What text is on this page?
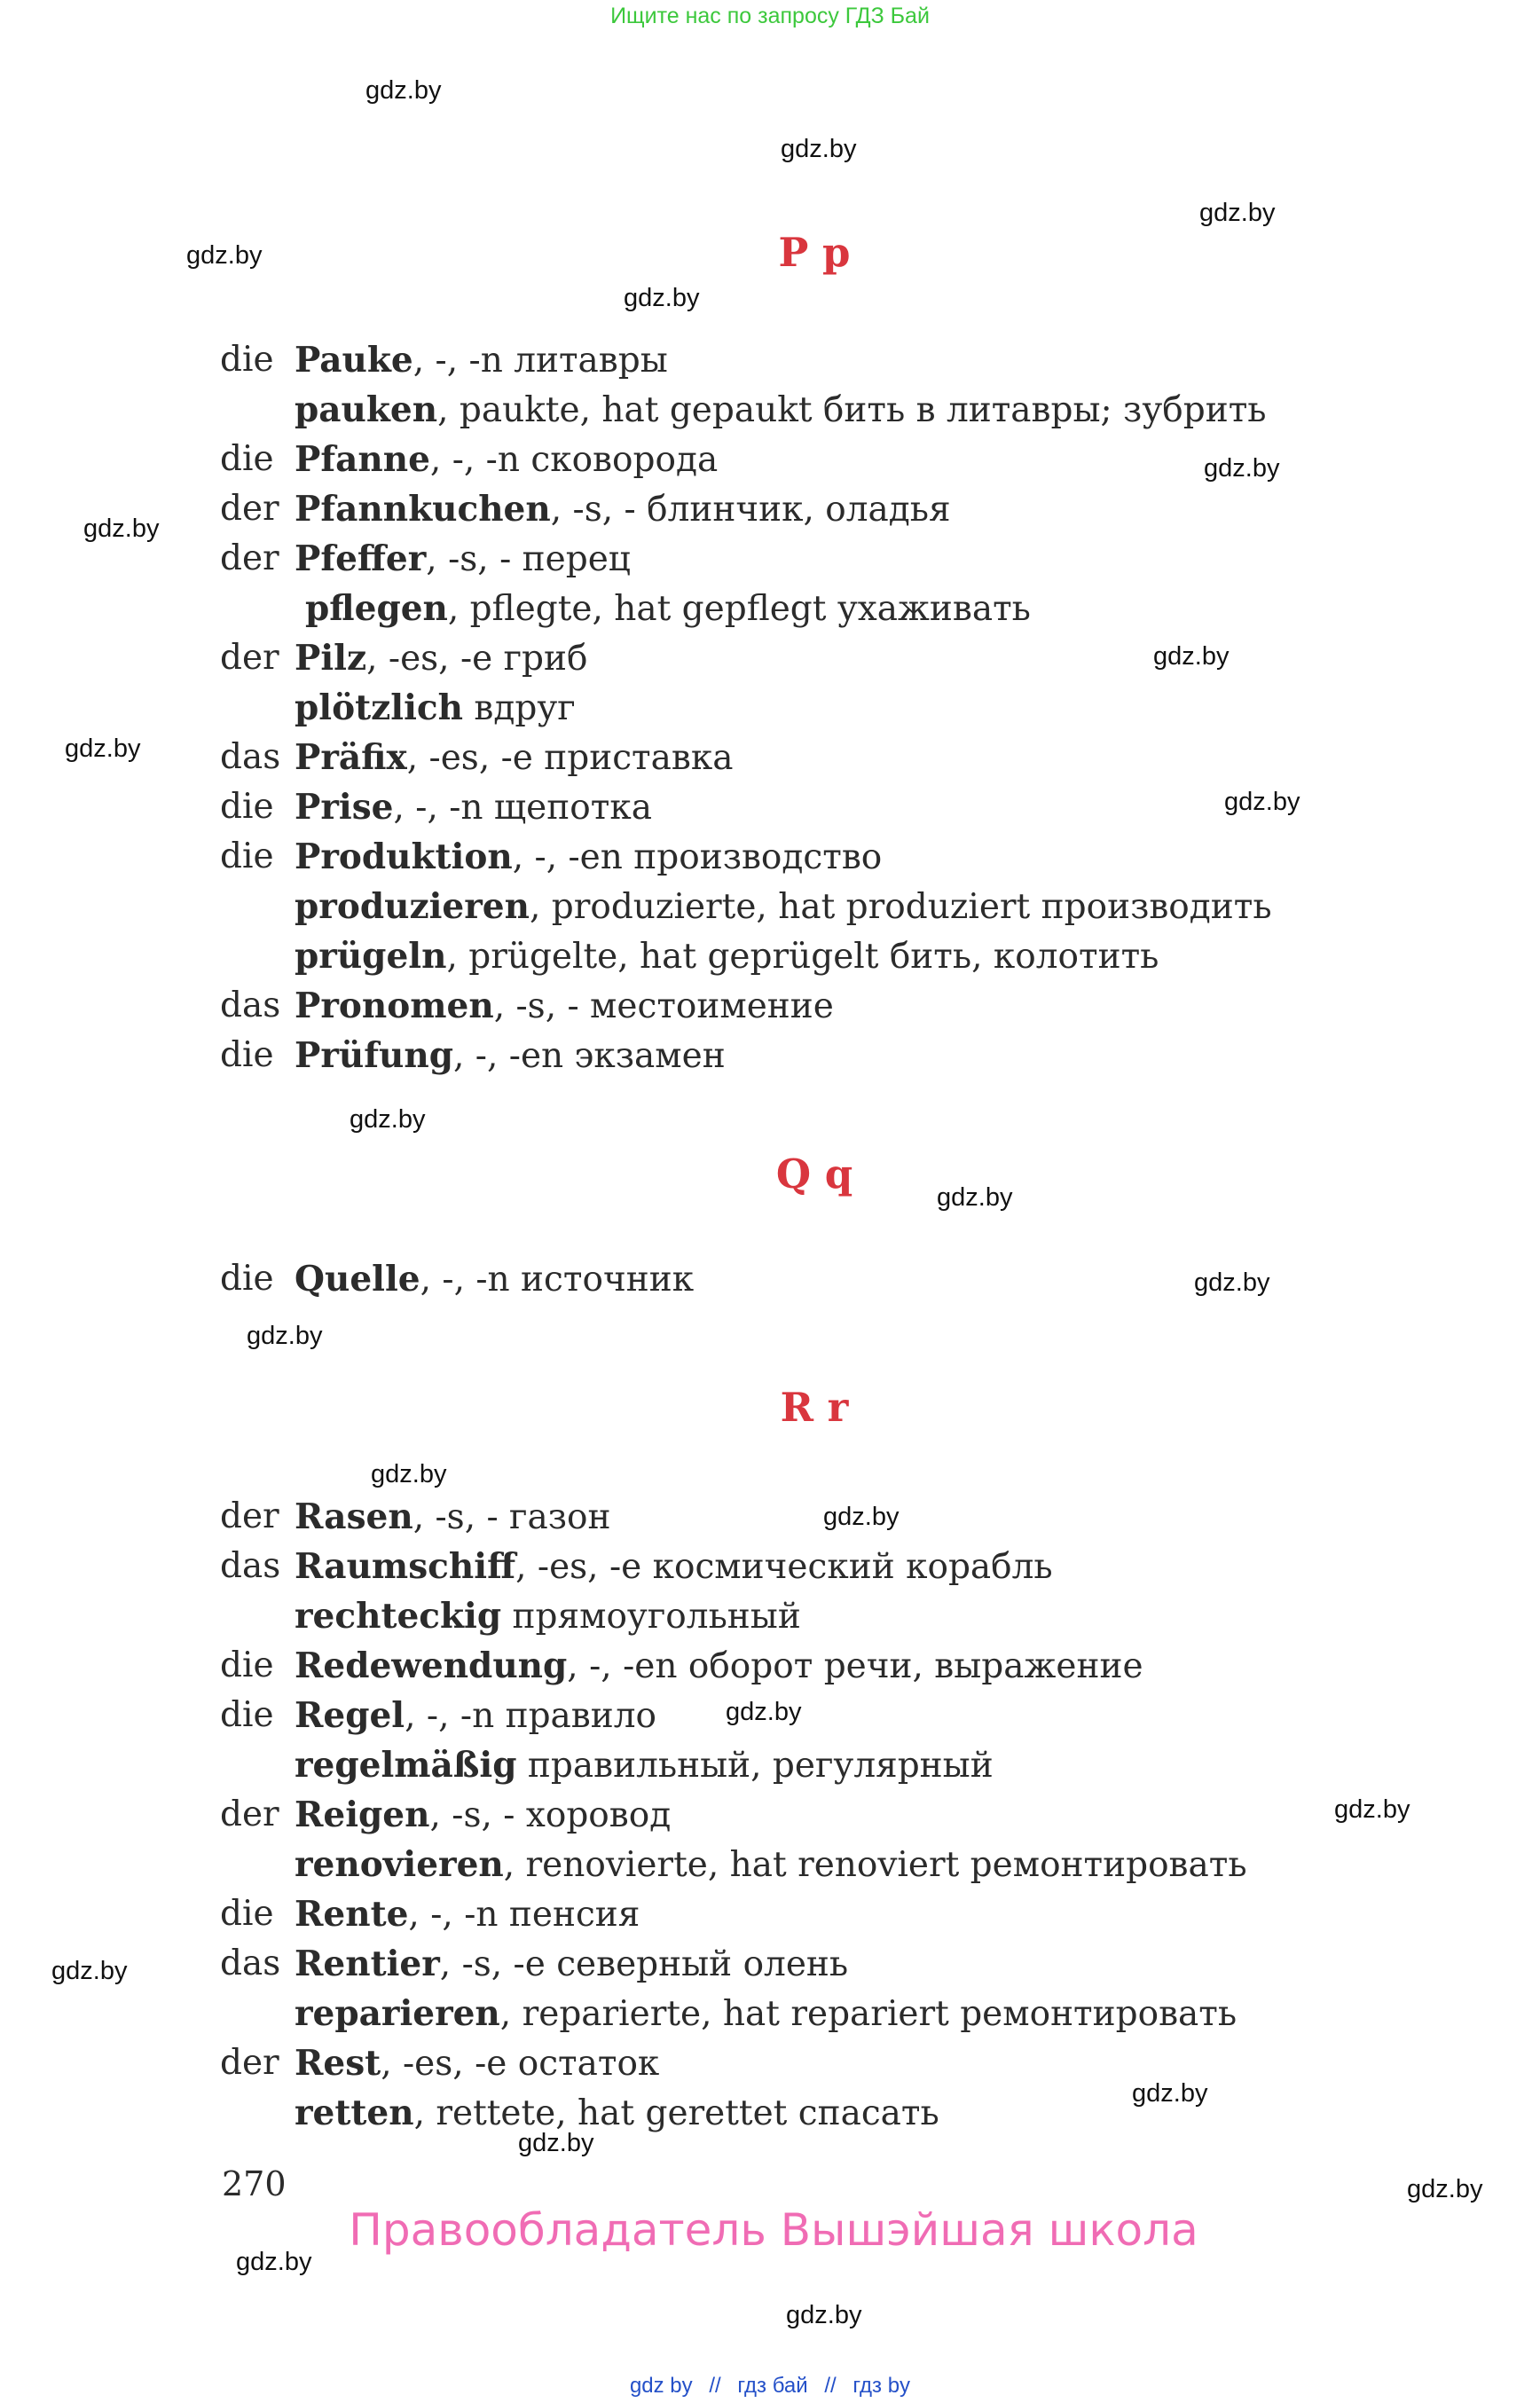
Ищите нас по запросу ГДЗ Бай
P p
die Pauke, -, -n литавры
pauken, paukte, hat gepaukt бить в литавры; зубрить
die Pfanne, -, -n сковорода
der Pfannkuchen, -s, - блинчик, оладья
der Pfeffer, -s, - перец
pflegen, pflegte, hat gepflegt ухаживать
der Pilz, -es, -e гриб
plötzlich вдруг
das Präfix, -es, -e приставка
die Prise, -, -n щепотка
die Produktion, -, -en производство
produzieren, produzierte, hat produziert производить
prügeln, prügelte, hat geprügelt бить, колотить
das Pronomen, -s, - местоимение
die Prüfung, -, -en экзамен
Q q
die Quelle, -, -n источник
R r
der Rasen, -s, - газон
das Raumschiff, -es, -e космический корабль
rechteckig прямоугольный
die Redewendung, -, -en оборот речи, выражение
die Regel, -, -n правило
regelmäßig правильный, регулярный
der Reigen, -s, - хоровод
renovieren, renovierte, hat renoviert ремонтировать
die Rente, -, -n пенсия
das Rentier, -s, -e северный олень
reparieren, reparierte, hat repariert ремонтировать
der Rest, -es, -e остаток
retten, rettete, hat gerettet спасать
270
Правообладатель Вышэйшая школа
gdz by // гдз бай // гдз by
gdz.by
gdz.by
gdz.by
gdz.by
gdz.by
gdz.by
gdz.by
gdz.by
gdz.by
gdz.by
gdz.by
gdz.by
gdz.by
gdz.by
gdz.by
gdz.by
gdz.by
gdz.by
gdz.by
gdz.by
gdz.by
gdz.by
gdz.by
gdz.by
